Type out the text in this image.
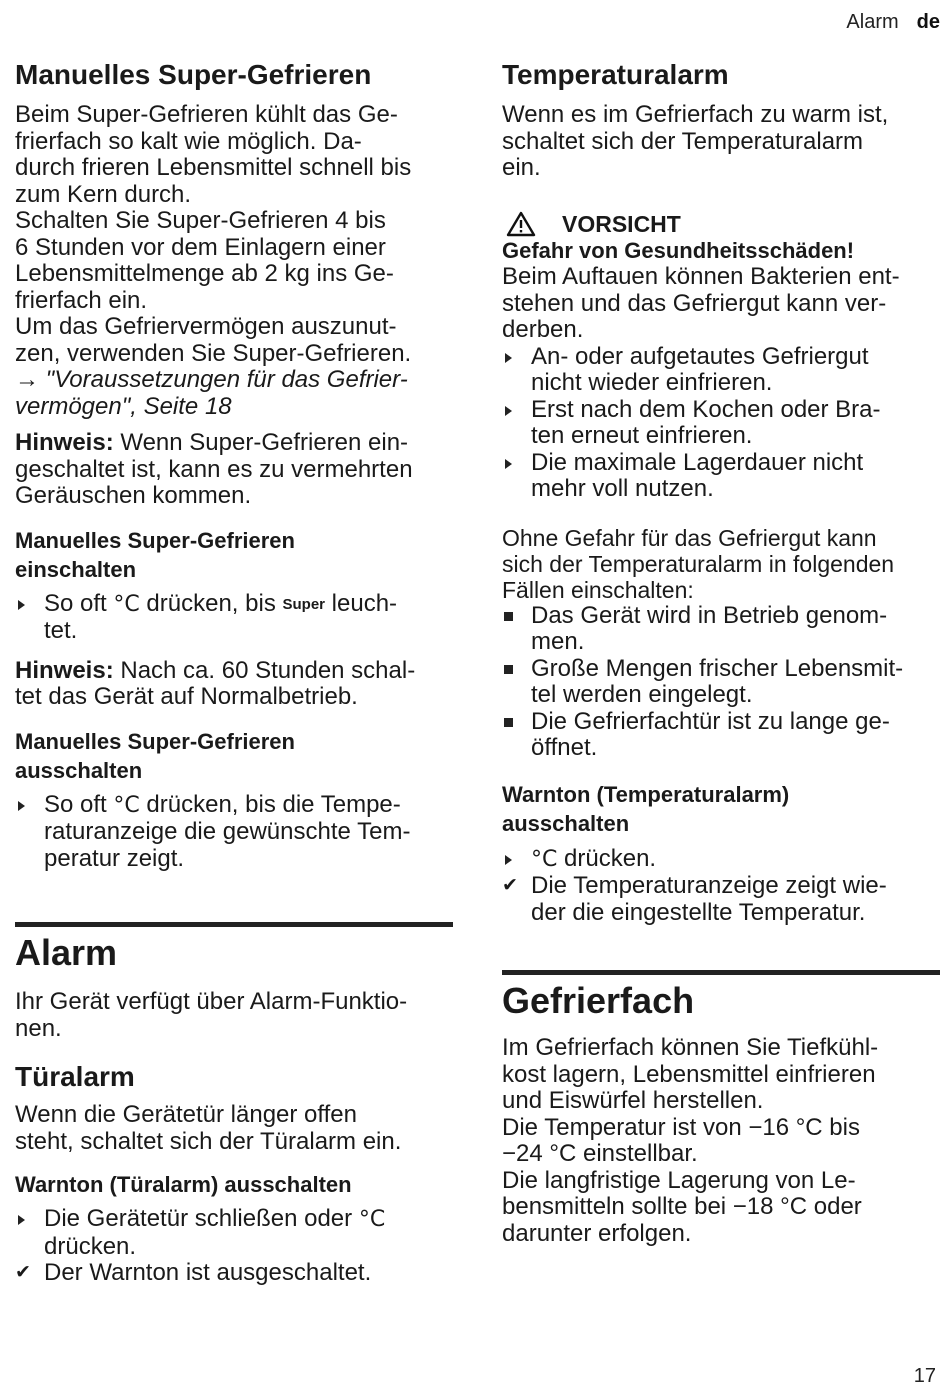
Alarm de
Manuelles Super-Gefrieren

Beim Super-Gefrieren kühlt das Ge-
frierfach so kalt wie möglich. Da-
durch frieren Lebensmittel schnell bis
zum Kern durch.
Schalten Sie Super-Gefrieren 4 bis
6 Stunden vor dem Einlagern einer
Lebensmittelmenge ab 2 kg ins Ge-
frierfach ein.
Um das Gefriervermögen auszunut-
zen, verwenden Sie Super-Gefrieren.

→ "Voraussetzungen für das Gefrier-
vermögen", Seite 18

Hinweis: Wenn Super-Gefrieren ein-
geschaltet ist, kann es zu vermehrten
Geräuschen kommen.

Manuelles Super-Gefrieren
einschalten
So oft °C drücken, bis Super leuch-
tet.

Hinweis: Nach ca. 60 Stunden schal-
tet das Gerät auf Normalbetrieb.

Manuelles Super-Gefrieren
ausschalten
So oft °C drücken, bis die Tempe-
raturanzeige die gewünschte Tem-
peratur zeigt.
Alarm

Ihr Gerät verfügt über Alarm-Funktio-
nen.

Türalarm

Wenn die Gerätetür länger offen
steht, schaltet sich der Türalarm ein.

Warnton (Türalarm) ausschalten
Die Gerätetür schließen oder °C
drücken.
✔ Der Warnton ist ausgeschaltet.
Temperaturalarm

Wenn es im Gefrierfach zu warm ist,
schaltet sich der Temperaturalarm
ein.

VORSICHT

Gefahr von Gesundheitsschäden!

Beim Auftauen können Bakterien ent-
stehen und das Gefriergut kann ver-
derben.

An- oder aufgetautes Gefriergut
nicht wieder einfrieren.
Erst nach dem Kochen oder Bra-
ten erneut einfrieren.
Die maximale Lagerdauer nicht
mehr voll nutzen.

Ohne Gefahr für das Gefriergut kann
sich der Temperaturalarm in folgenden
Fällen einschalten:

Das Gerät wird in Betrieb genom-
men.
Große Mengen frischer Lebensmit-
tel werden eingelegt.
Die Gefrierfachtür ist zu lange ge-
öffnet.
Warnton (Temperaturalarm)
ausschalten
°C drücken.
✔ Die Temperaturanzeige zeigt wie-
der die eingestellte Temperatur.
Gefrierfach

Im Gefrierfach können Sie Tiefkühl-
kost lagern, Lebensmittel einfrieren
und Eiswürfel herstellen.
Die Temperatur ist von −16 °C bis
−24 °C einstellbar.
Die langfristige Lagerung von Le-
bensmitteln sollte bei −18 °C oder
darunter erfolgen.

17
